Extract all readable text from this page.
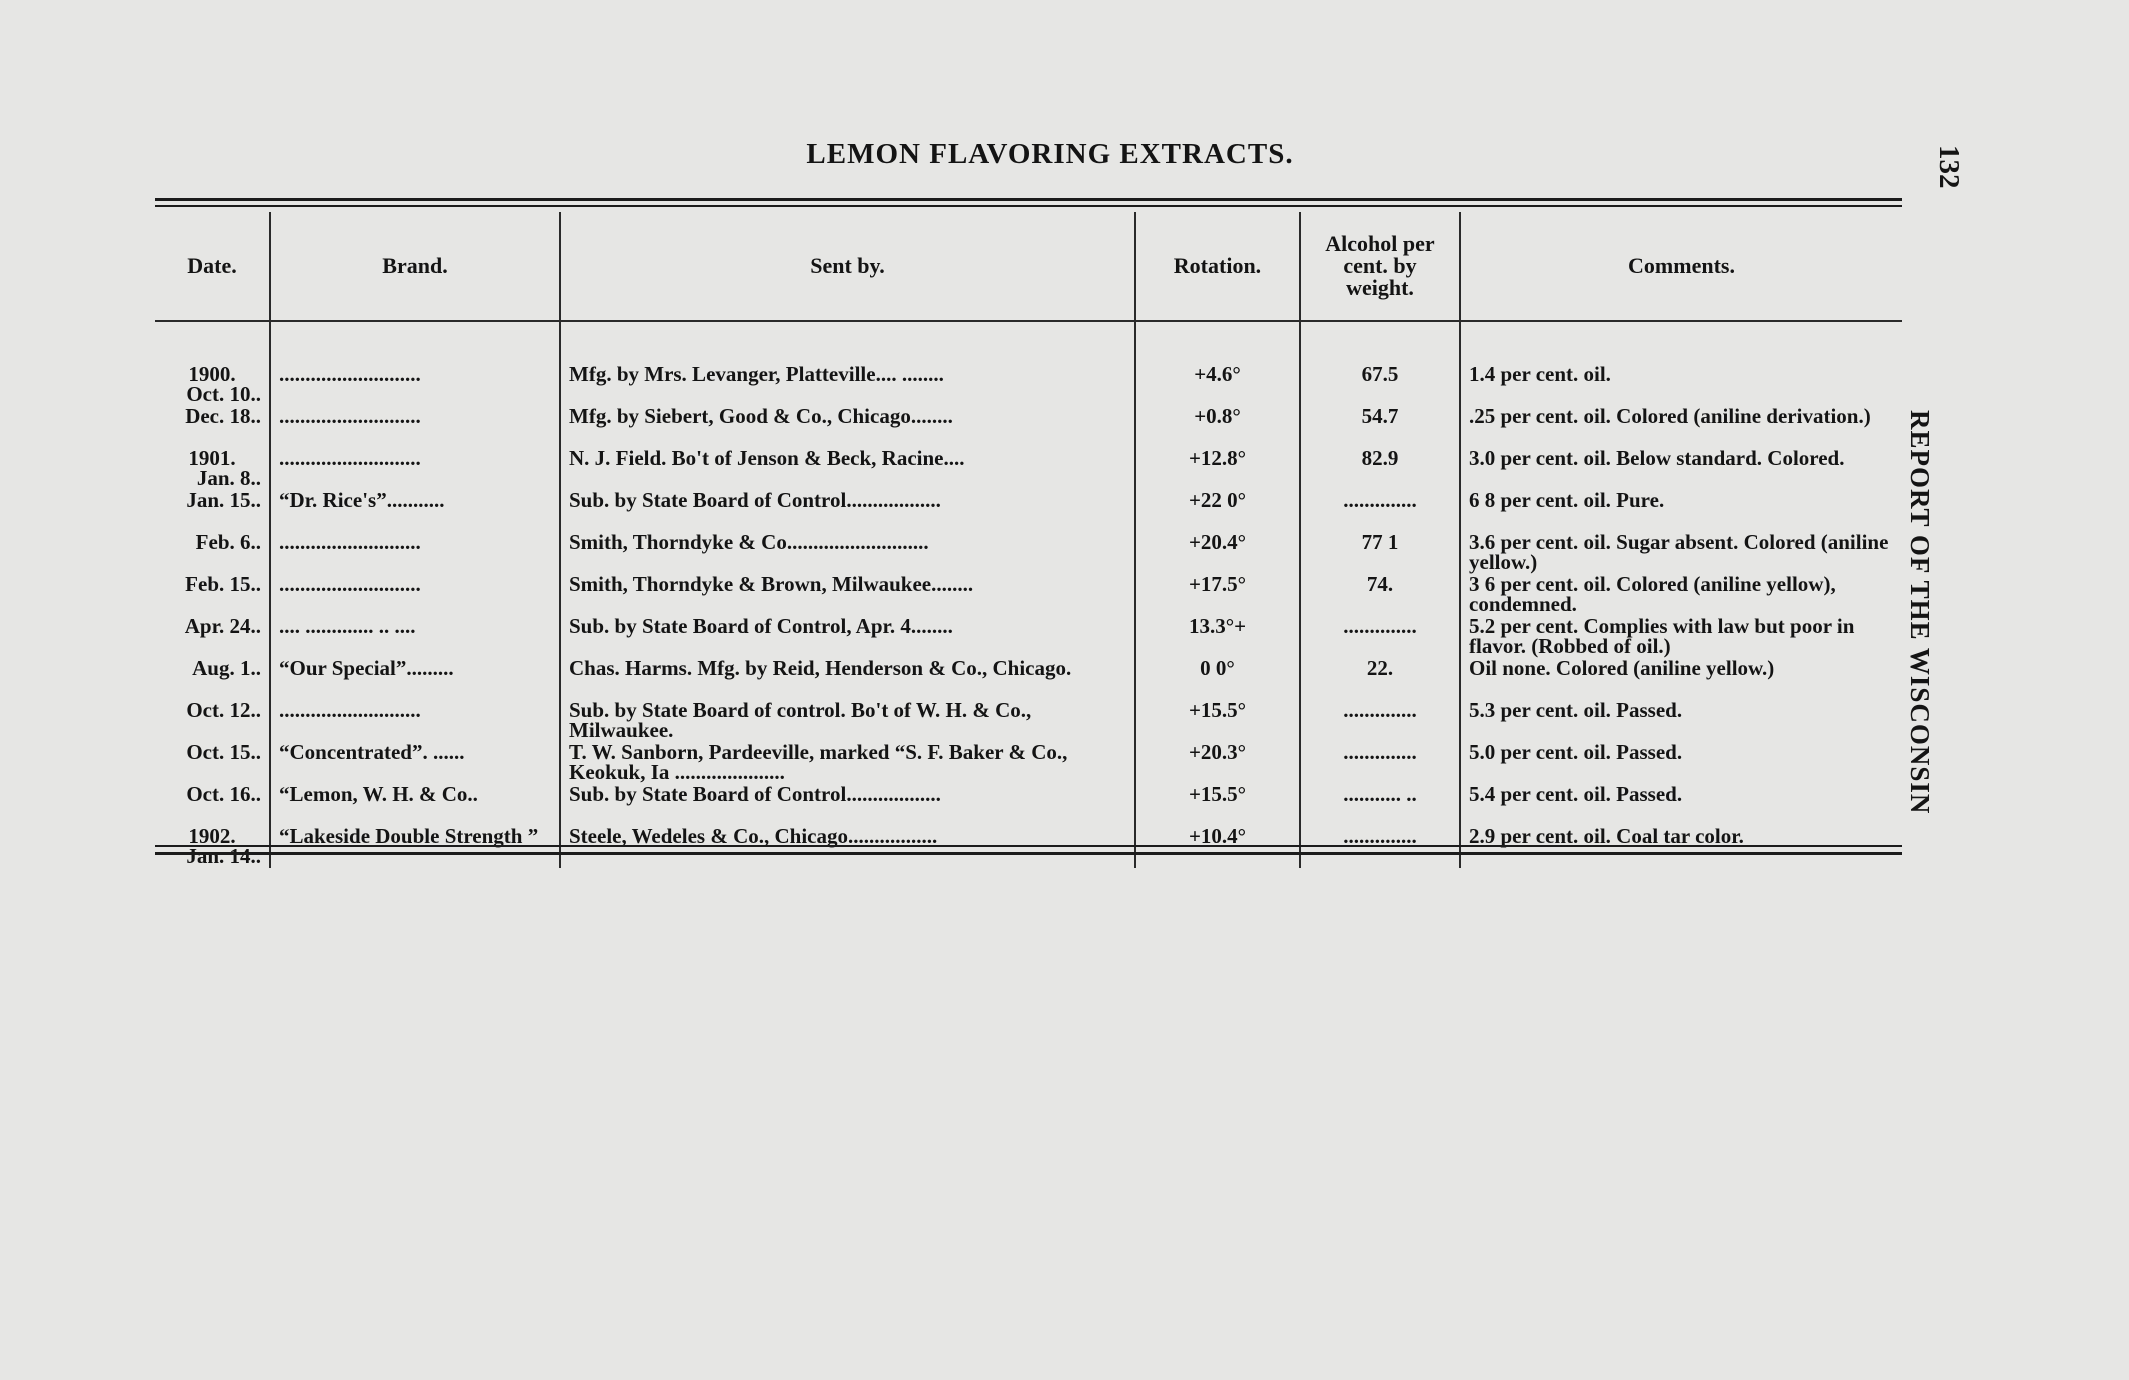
LEMON FLAVORING EXTRACTS.	132
REPORT OF THE WISCONSIN
Date.	Brand.	Sent by.	Rotation.	Alcohol per cent. by weight.	Comments.

1900.
Oct. 10..	...........................	Mfg. by Mrs. Levanger, Platteville.... ........	+4.6°	67.5	1.4 per cent. oil.

Dec. 18..	...........................	Mfg. by Siebert, Good & Co., Chicago........	+0.8°	54.7	.25 per cent. oil. Colored (aniline derivation.)

1901.
Jan. 8..	...........................	N. J. Field. Bo't of Jenson & Beck, Racine....	+12.8°	82.9	3.0 per cent. oil. Below standard. Colored.

Jan. 15..	“Dr. Rice's”...........	Sub. by State Board of Control..................	+22 0°	..............	6 8 per cent. oil. Pure.

Feb. 6..	...........................	Smith, Thorndyke & Co...........................	+20.4°	77 1	3.6 per cent. oil. Sugar absent. Colored (aniline yellow.)

Feb. 15..	...........................	Smith, Thorndyke & Brown, Milwaukee........	+17.5°	74.	3 6 per cent. oil. Colored (aniline yellow), condemned.

Apr. 24..	.... ............. .. ....	Sub. by State Board of Control, Apr. 4........	13.3°+	..............	5.2 per cent. Complies with law but poor in flavor. (Robbed of oil.)

Aug. 1..	“Our Special”.........	Chas. Harms. Mfg. by Reid, Henderson & Co., Chicago.	0 0°	22.	Oil none. Colored (aniline yellow.)

Oct. 12..	...........................	Sub. by State Board of control. Bo't of W. H. & Co., Milwaukee.	+15.5°	..............	5.3 per cent. oil. Passed.

Oct. 15..	“Concentrated”. ......	T. W. Sanborn, Pardeeville, marked “S. F. Baker & Co., Keokuk, Ia .....................	+20.3°	..............	5.0 per cent. oil. Passed.

Oct. 16..	“Lemon, W. H. & Co..	Sub. by State Board of Control..................	+15.5°	........... ..	5.4 per cent. oil. Passed.

1902.
Jan. 14..	“Lakeside Double Strength ”	Steele, Wedeles & Co., Chicago.................	+10.4°	..............	2.9 per cent. oil. Coal tar color.
